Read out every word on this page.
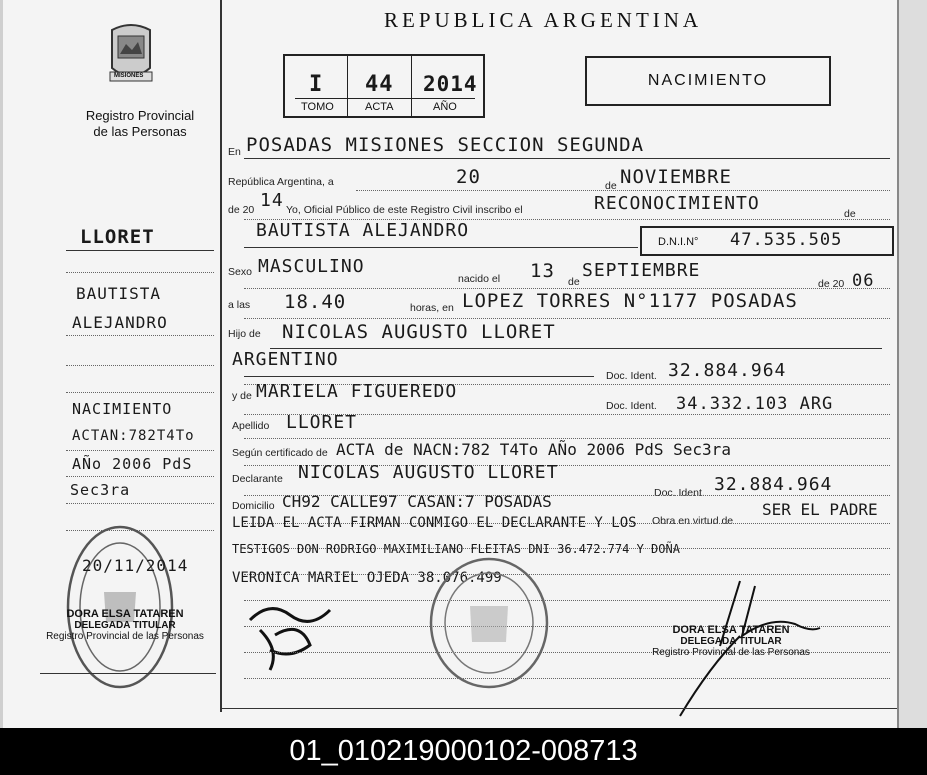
MISIONES
Registro Provincial
de las Personas
REPUBLICA ARGENTINA
I 44 2014
TOMO	ACTA	AÑO
NACIMIENTO
LLORET
BAUTISTA
ALEJANDRO
NACIMIENTO
ACTAN:782T4To
AÑo 2006 PdS
Sec3ra
20/11/2014
DORA ELSA TATAREN
DELEGADA TITULAR
Registro Provincial de las Personas
En POSADAS MISIONES SECCION SEGUNDA
República Argentina, a	20	de NOVIEMBRE
de 20 14 Yo, Oficial Público de este Registro Civil inscribo el	RECONOCIMIENTO	de
BAUTISTA ALEJANDRO
D.N.I.N° 47.535.505
Sexo MASCULINO
nacido el 13 de
SEPTIEMBRE
de 20 06
a las 18.40	horas, en LOPEZ TORRES N°1177 POSADAS
Hijo de NICOLAS AUGUSTO LLORET
ARGENTINO
Doc. Ident. 32.884.964
y de MARIELA FIGUEREDO
Doc. Ident. 34.332.103 ARG
Apellido LLORET
Según certificado de ACTA de NACN:782 T4To AÑo 2006 PdS Sec3ra
Declarante NICOLAS AUGUSTO LLORET
Doc. Ident. 32.884.964
Domicilio CH92 CALLE97 CASAN:7 POSADAS
Obra en virtud de
SER EL PADRE
LEIDA EL ACTA FIRMAN CONMIGO EL DECLARANTE Y LOS
TESTIGOS DON RODRIGO MAXIMILIANO FLEITAS DNI 36.472.774 Y DOÑA
VERONICA MARIEL OJEDA 38.076.499
DORA ELSA TATAREN
DELEGADA TITULAR
Registro Provincial de las Personas
01_010219000102-008713
